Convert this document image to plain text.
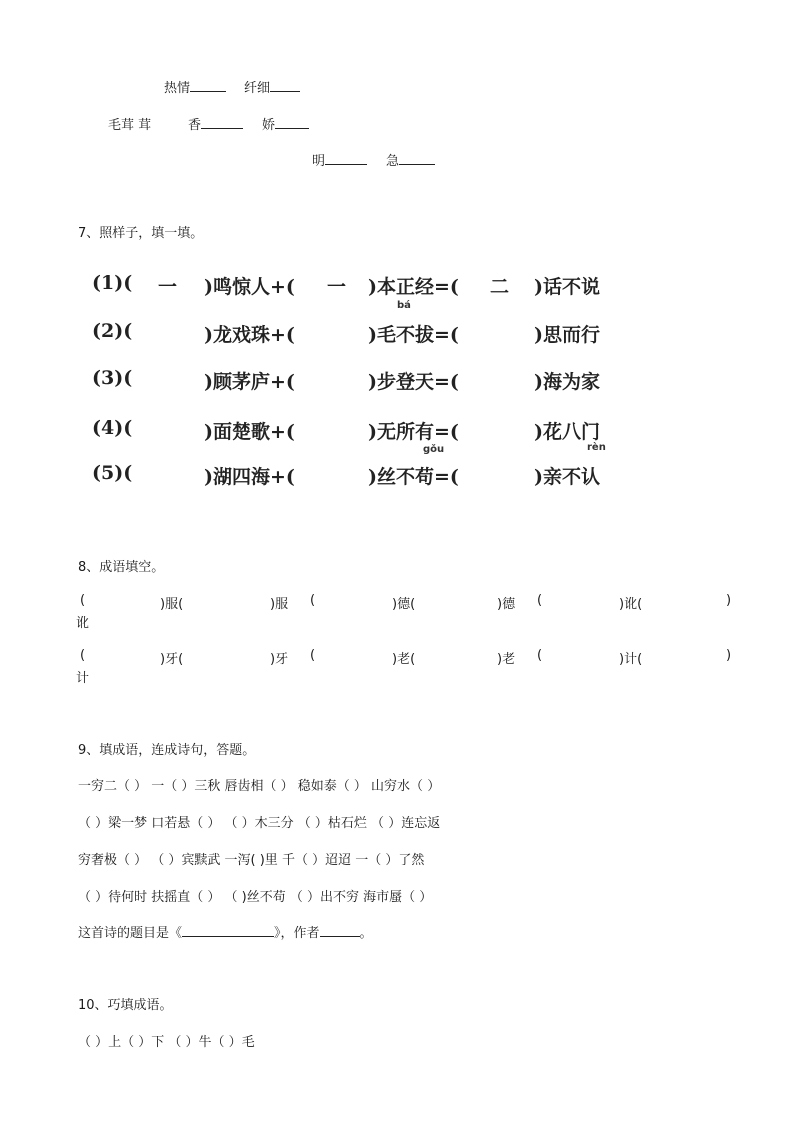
热情	纤细
毛茸 茸	香	娇
明	急
7、照样子，填一填。
(1)( 一 )鸣惊人+( 一 )本正经=( 二 )话不说
bá
(2)(	)龙戏珠+(	)毛不拔=(	)思而行
(3)(	)顾茅庐+(	)步登天=(	)海为家
(4)(	)面楚歌+(	)无所有=(	)花八门
gǒu	rèn
(5)(	)湖四海+(	)丝不苟=(	)亲不认
8、成语填空。
(	)服(	)服 (	)德(	)德 (	)讹(	)
讹
(	)牙(	)牙 (	)老(	)老 (	)计(	)
计
9、填成语，连成诗句，答题。
一穷二（ ） 一（ ）三秋 唇齿相（ ） 稳如泰（ ） 山穷水（ ）
（ ）梁一梦 口若悬（ ） （ ）木三分 （ ）枯石烂 （ ）连忘返
穷奢极（ ） （ ）宾黩武 一泻( )里 千（ ）迢迢 一（ ）了然
（ ）待何时 扶摇直（ ） （ )丝不苟 （ ）出不穷 海市蜃（ ）
这首诗的题目是《	》，作者	。
10、巧填成语。
（ ）上（ ）下 （ ）牛（ ）毛
